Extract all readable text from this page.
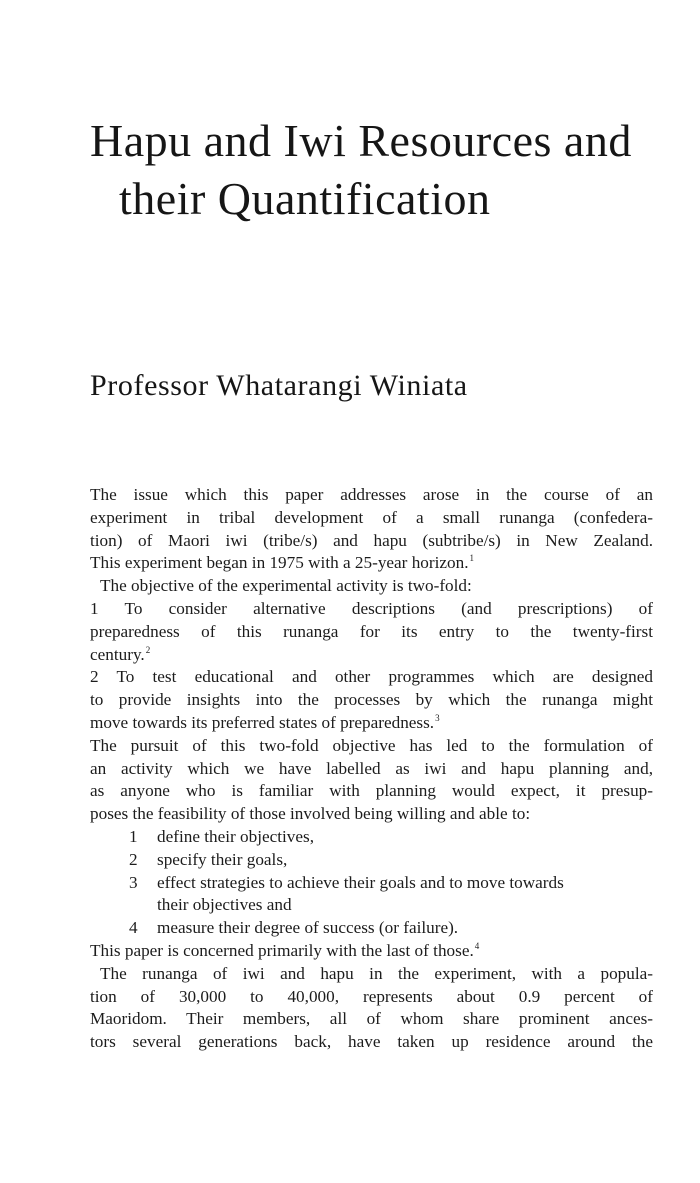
Hapu and Iwi Resources and
their Quantification
Professor Whatarangi Winiata
The issue which this paper addresses arose in the course of an
experiment in tribal development of a small runanga (confedera-
tion) of Maori iwi (tribe/s) and hapu (subtribe/s) in New Zealand.
This experiment began in 1975 with a 25-year horizon.$^1$
The objective of the experimental activity is two-fold:
1 To consider alternative descriptions (and prescriptions) of
preparedness of this runanga for its entry to the twenty-first
century.$^2$
2 To test educational and other programmes which are designed
to provide insights into the processes by which the runanga might
move towards its preferred states of preparedness.$^3$
The pursuit of this two-fold objective has led to the formulation of
an activity which we have labelled as iwi and hapu planning and,
as anyone who is familiar with planning would expect, it presup-
poses the feasibility of those involved being willing and able to:
1 define their objectives,
2 specify their goals,
3 effect strategies to achieve their goals and to move towards
their objectives and
4 measure their degree of success (or failure).
This paper is concerned primarily with the last of those.$^4$
The runanga of iwi and hapu in the experiment, with a popula-
tion of 30,000 to 40,000, represents about 0.9 percent of
Maoridom. Their members, all of whom share prominent ances-
tors several generations back, have taken up residence around the
